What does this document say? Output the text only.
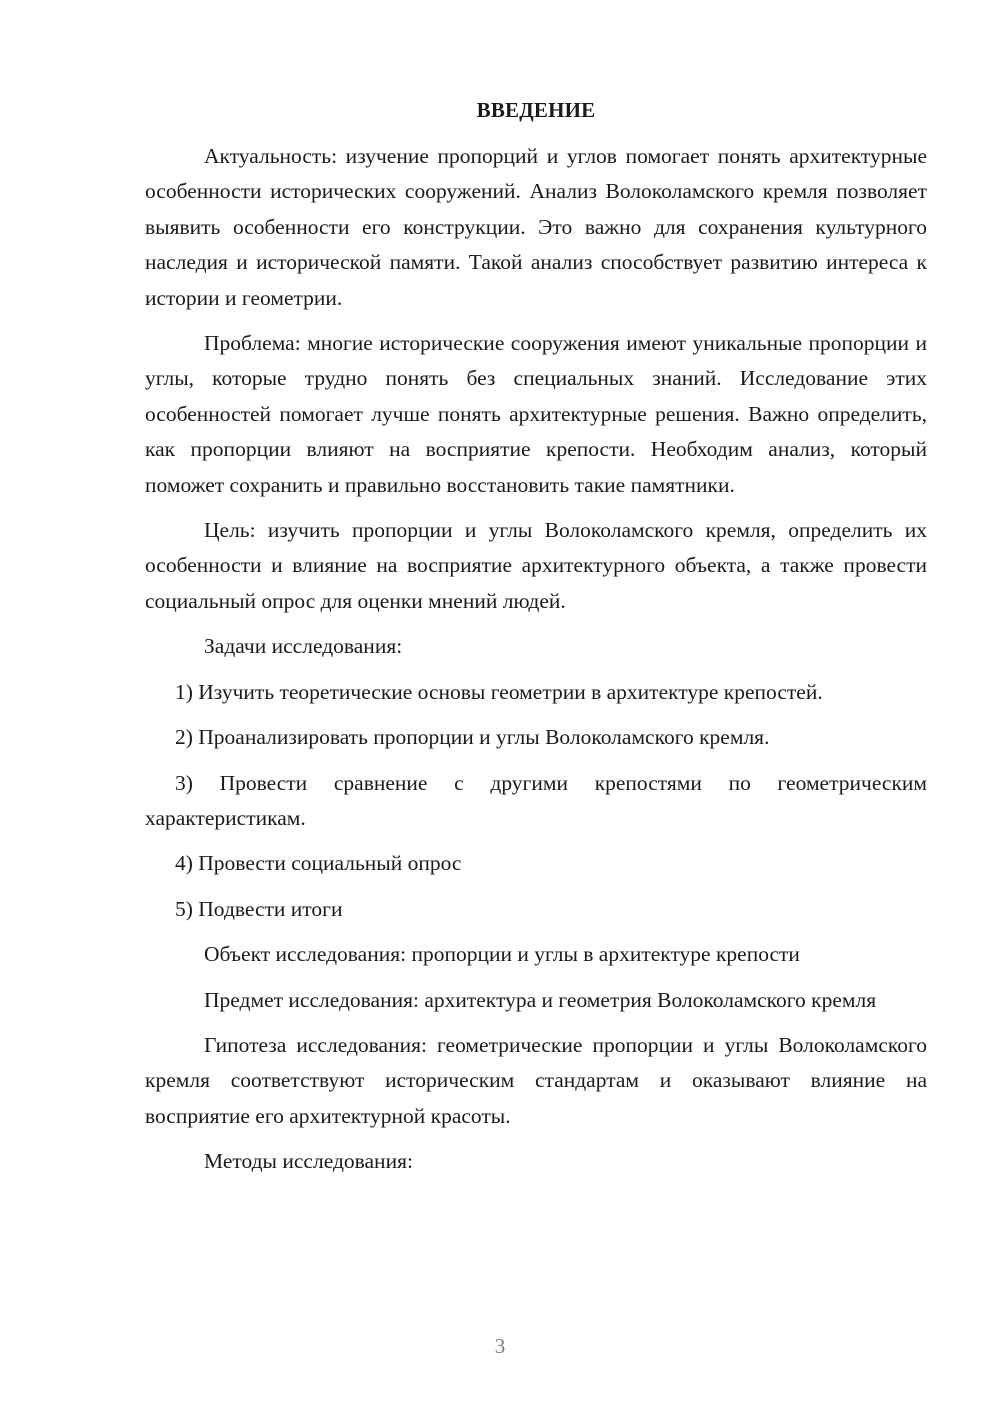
ВВЕДЕНИЕ

Актуальность: изучение пропорций и углов помогает понять архитектурные особенности исторических сооружений. Анализ Волоколамского кремля позволяет выявить особенности его конструкции. Это важно для сохранения культурного наследия и исторической памяти. Такой анализ способствует развитию интереса к истории и геометрии.

Проблема: многие исторические сооружения имеют уникальные пропорции и углы, которые трудно понять без специальных знаний. Исследование этих особенностей помогает лучше понять архитектурные решения. Важно определить, как пропорции влияют на восприятие крепости. Необходим анализ, который поможет сохранить и правильно восстановить такие памятники.

Цель: изучить пропорции и углы Волоколамского кремля, определить их особенности и влияние на восприятие архитектурного объекта, а также провести социальный опрос для оценки мнений людей.

Задачи исследования:

1) Изучить теоретические основы геометрии в архитектуре крепостей.

2) Проанализировать пропорции и углы Волоколамского кремля.

3) Провести сравнение с другими крепостями по геометрическим характеристикам.

4) Провести социальный опрос

5) Подвести итоги

Объект исследования: пропорции и углы в архитектуре крепости

Предмет исследования: архитектура и геометрия Волоколамского кремля

Гипотеза исследования: геометрические пропорции и углы Волоколамского кремля соответствуют историческим стандартам и оказывают влияние на восприятие его архитектурной красоты.

Методы исследования:

3
